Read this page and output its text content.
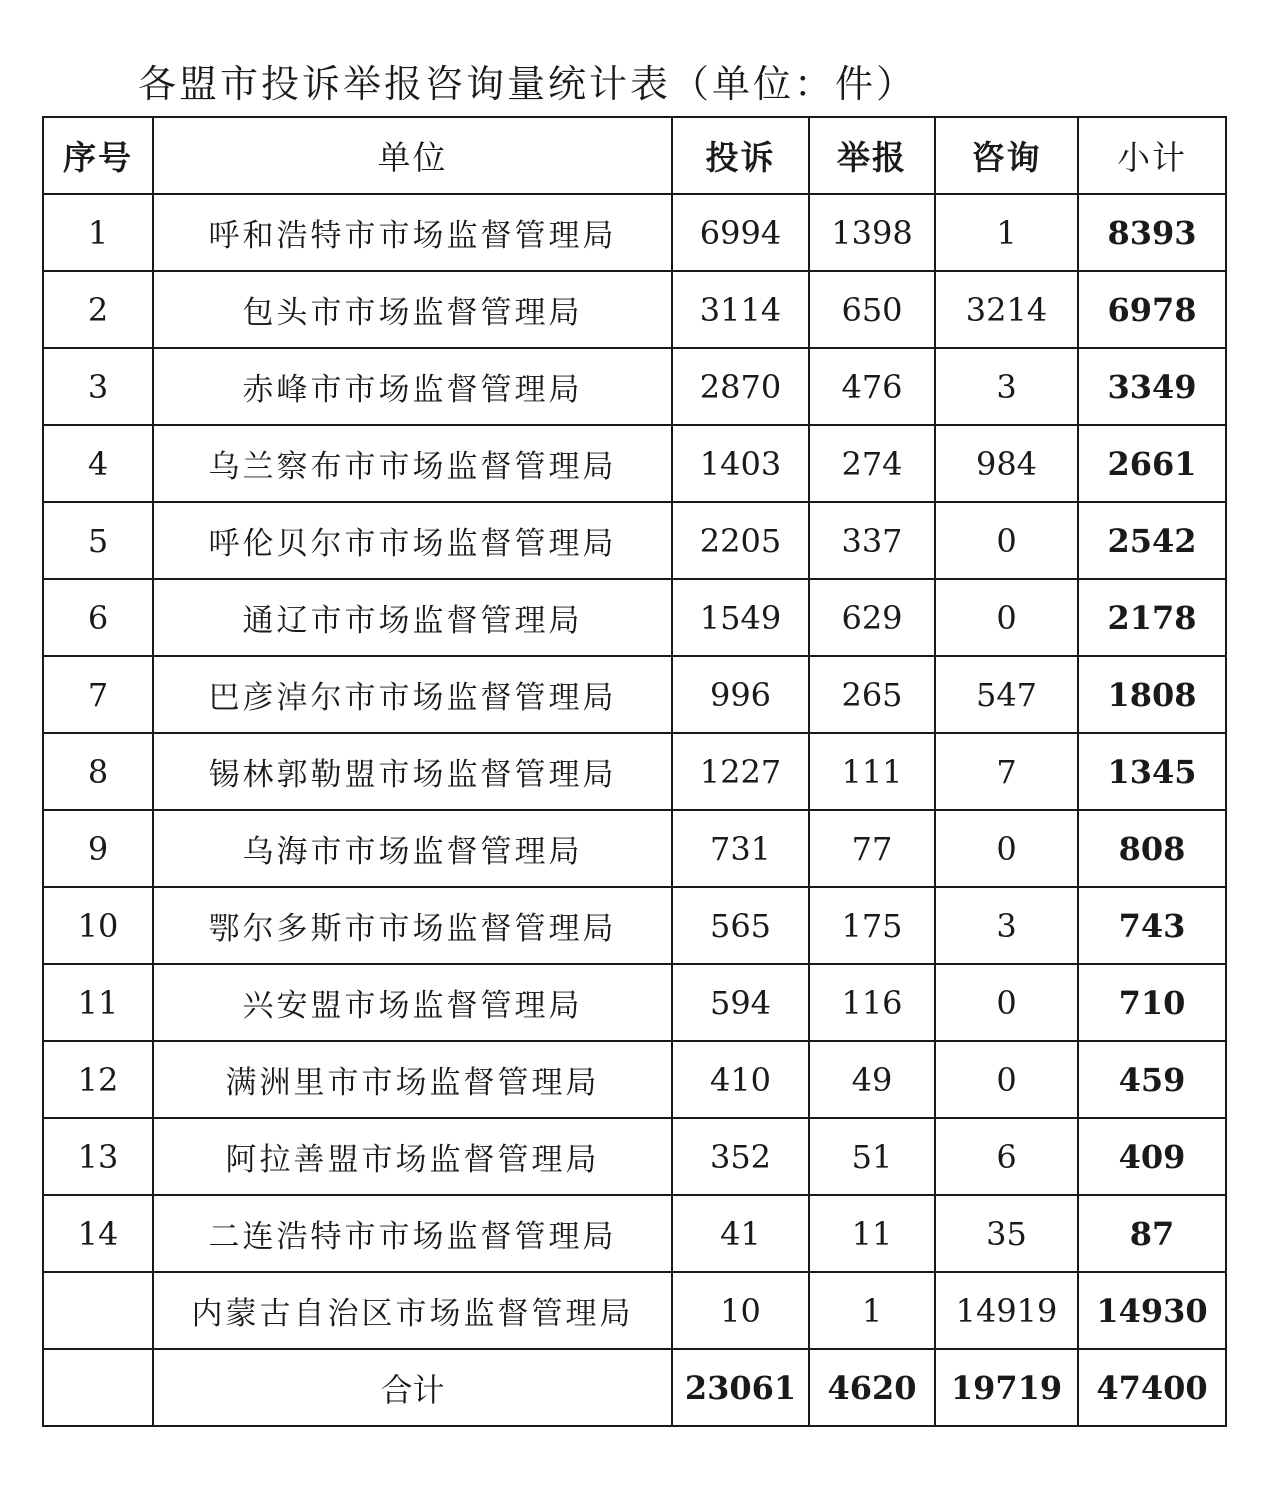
各盟市投诉举报咨询量统计表（单位：件）
序号	单位	投诉	举报	咨询	小计
1	呼和浩特市市场监督管理局	6994	1398	1	8393
2	包头市市场监督管理局	3114	650	3214	6978
3	赤峰市市场监督管理局	2870	476	3	3349
4	乌兰察布市市场监督管理局	1403	274	984	2661
5	呼伦贝尔市市场监督管理局	2205	337	0	2542
6	通辽市市场监督管理局	1549	629	0	2178
7	巴彦淖尔市市场监督管理局	996	265	547	1808
8	锡林郭勒盟市场监督管理局	1227	111	7	1345
9	乌海市市场监督管理局	731	77	0	808
10	鄂尔多斯市市场监督管理局	565	175	3	743
11	兴安盟市场监督管理局	594	116	0	710
12	满洲里市市场监督管理局	410	49	0	459
13	阿拉善盟市场监督管理局	352	51	6	409
14	二连浩特市市场监督管理局	41	11	35	87
	内蒙古自治区市场监督管理局	10	1	14919	14930
	合计	23061	4620	19719	47400
